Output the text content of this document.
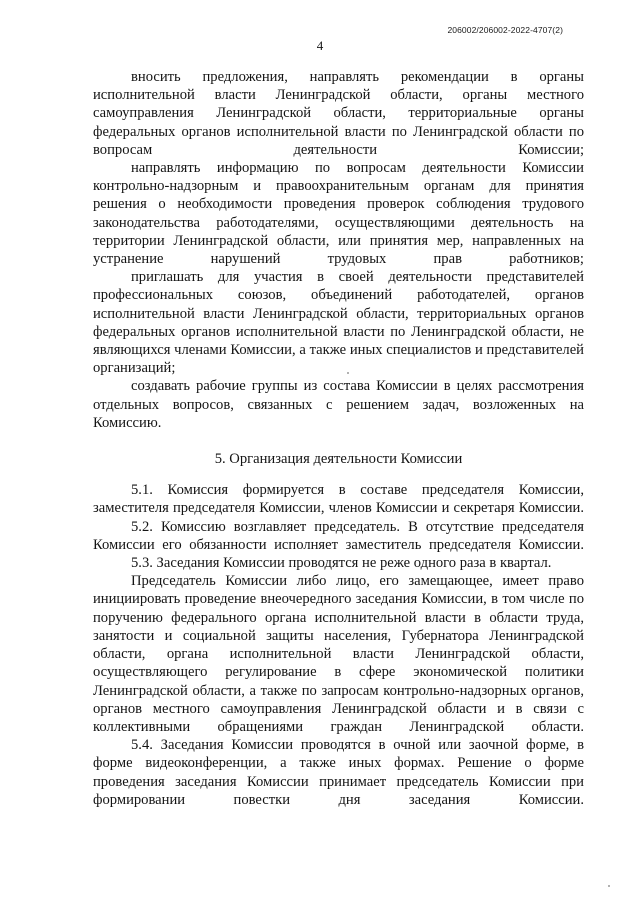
206002/206002-2022-4707(2)
4

вносить предложения, направлять рекомендации в органы исполнительной власти Ленинградской области, органы местного самоуправления Ленинградской области, территориальные органы федеральных органов исполнительной власти по Ленинградской области по вопросам деятельности Комиссии;

направлять информацию по вопросам деятельности Комиссии контрольно-надзорным и правоохранительным органам для принятия решения о необходимости проведения проверок соблюдения трудового законодательства работодателями, осуществляющими деятельность на территории Ленинградской области, или принятия мер, направленных на устранение нарушений трудовых прав работников;

приглашать для участия в своей деятельности представителей профессиональных союзов, объединений работодателей, органов исполнительной власти Ленинградской области, территориальных органов федеральных органов исполнительной власти по Ленинградской области, не являющихся членами Комиссии, а также иных специалистов и представителей организаций;

создавать рабочие группы из состава Комиссии в целях рассмотрения отдельных вопросов, связанных с решением задач, возложенных на Комиссию.

5. Организация деятельности Комиссии

5.1. Комиссия формируется в составе председателя Комиссии, заместителя председателя Комиссии, членов Комиссии и секретаря Комиссии.

5.2. Комиссию возглавляет председатель. В отсутствие председателя Комиссии его обязанности исполняет заместитель председателя Комиссии.

5.3. Заседания Комиссии проводятся не реже одного раза в квартал.

Председатель Комиссии либо лицо, его замещающее, имеет право инициировать проведение внеочередного заседания Комиссии, в том числе по поручению федерального органа исполнительной власти в области труда, занятости и социальной защиты населения, Губернатора Ленинградской области, органа исполнительной власти Ленинградской области, осуществляющего регулирование в сфере экономической политики Ленинградской области, а также по запросам контрольно-надзорных органов, органов местного самоуправления Ленинградской области и в связи с коллективными обращениями граждан Ленинградской области.

5.4. Заседания Комиссии проводятся в очной или заочной форме, в форме видеоконференции, а также иных формах. Решение о форме проведения заседания Комиссии принимает председатель Комиссии при формировании повестки дня заседания Комиссии.
